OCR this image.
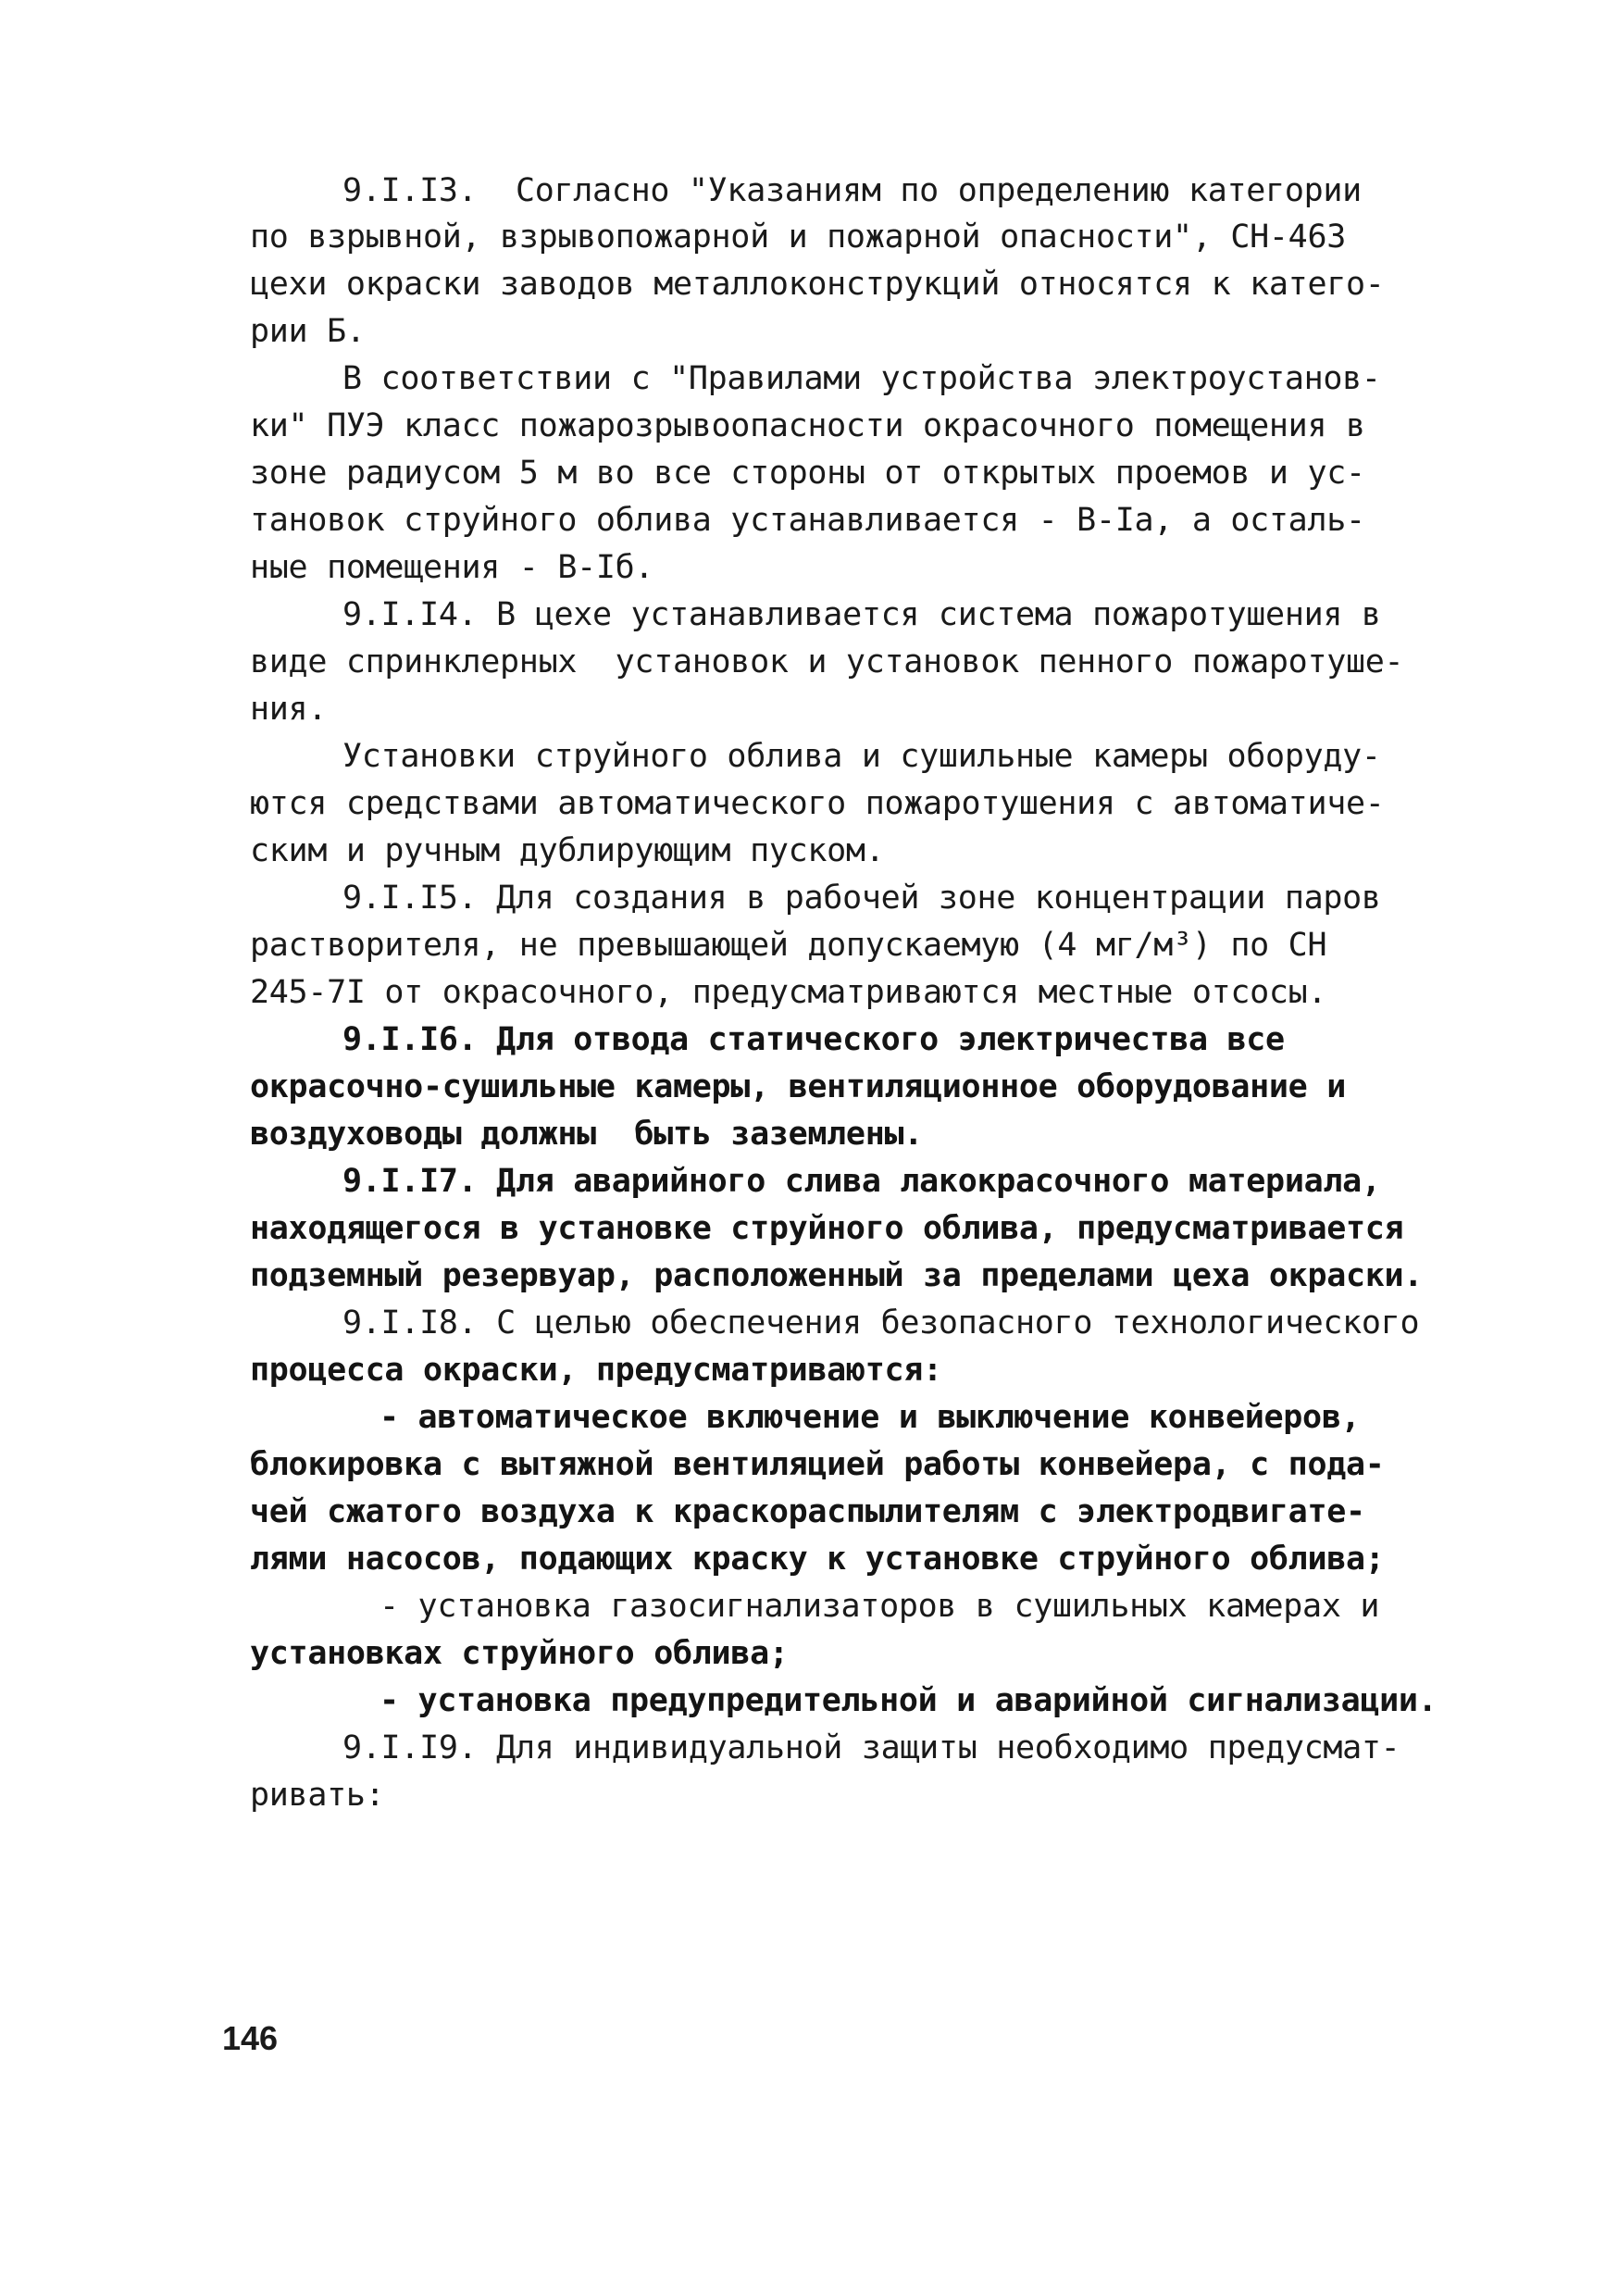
9.I.I3.  Согласно "Указаниям по определению категории
по взрывной, взрывопожарной и пожарной опасности", СН-463
цехи окраски заводов металлоконструкций относятся к катего-
рии Б.
В соответствии с "Правилами устройства электроустанов-
ки" ПУЭ класс пожарозрывоопасности окрасочного помещения в
зоне радиусом 5 м во все стороны от открытых проемов и ус-
тановок струйного облива устанавливается - В-Iа, а осталь-
ные помещения - В-Iб.
9.I.I4. В цехе устанавливается система пожаротушения в
виде спринклерных  установок и установок пенного пожаротуше-
ния.
Установки струйного облива и сушильные камеры оборуду-
ются средствами автоматического пожаротушения с автоматиче-
ским и ручным дублирующим пуском.
9.I.I5. Для создания в рабочей зоне концентрации паров
растворителя, не превышающей допускаемую (4 мг/м³) по СН
245-7I от окрасочного, предусматриваются местные отсосы.
9.I.I6. Для отвода статического электричества все
окрасочно-сушильные камеры, вентиляционное оборудование и
воздуховоды должны  быть заземлены.
9.I.I7. Для аварийного слива лакокрасочного материала,
находящегося в установке струйного облива, предусматривается
подземный резервуар, расположенный за пределами цеха окраски.
9.I.I8. С целью обеспечения безопасного технологического
процесса окраски, предусматриваются:
- автоматическое включение и выключение конвейеров,
блокировка с вытяжной вентиляцией работы конвейера, с пода-
чей сжатого воздуха к краскораспылителям с электродвигате-
лями насосов, подающих краску к установке струйного облива;
- установка газосигнализаторов в сушильных камерах и
установках струйного облива;
- установка предупредительной и аварийной сигнализации.
9.I.I9. Для индивидуальной защиты необходимо предусмат-
ривать:
146
